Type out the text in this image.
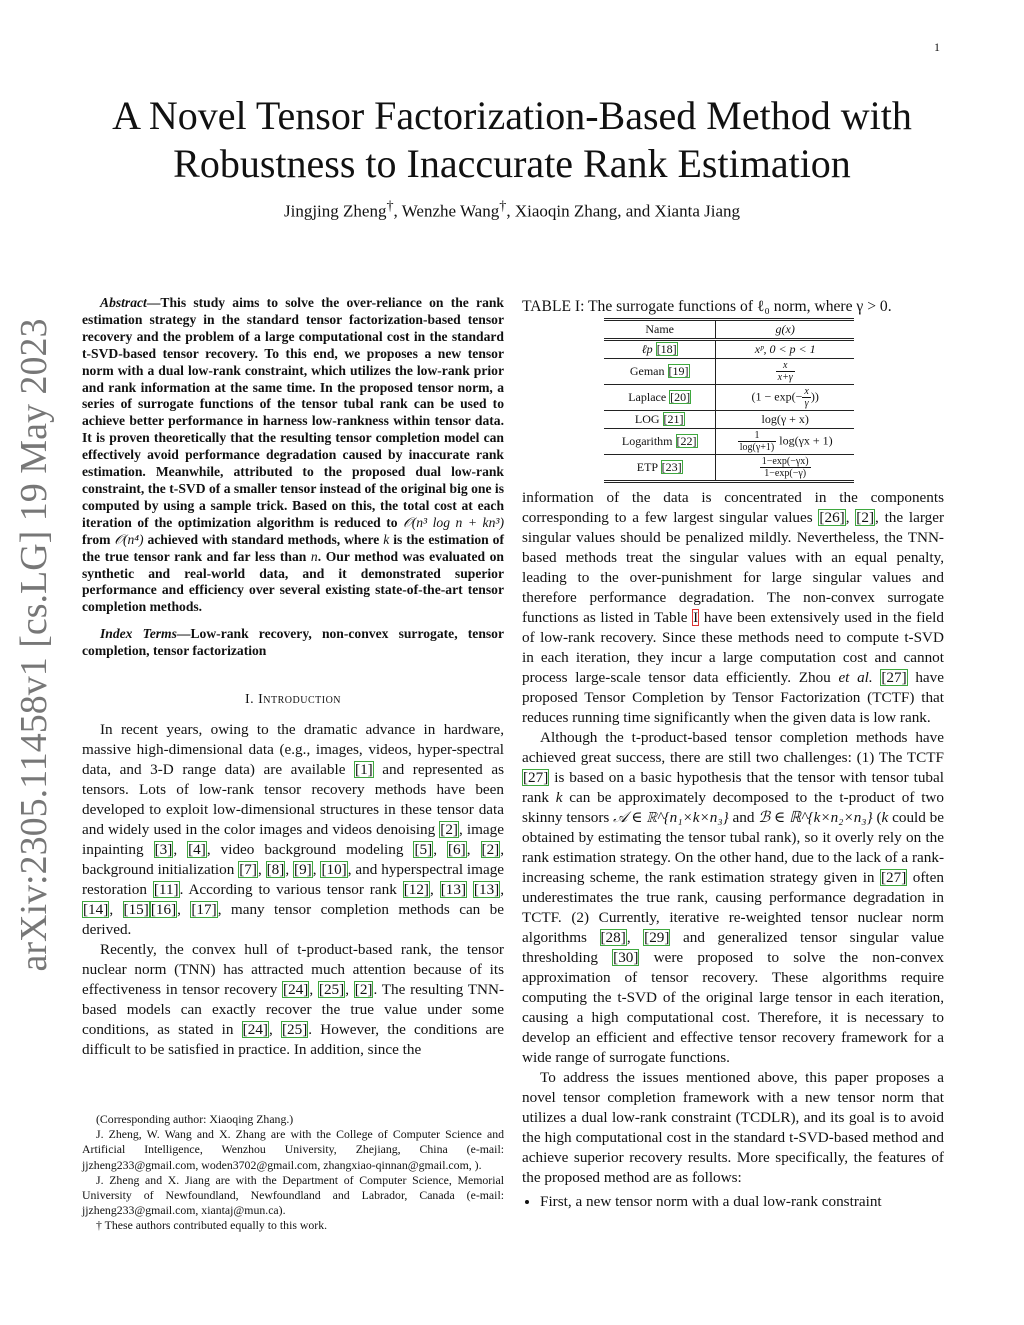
1
arXiv:2305.11458v1 [cs.LG] 19 May 2023
A Novel Tensor Factorization-Based Method with Robustness to Inaccurate Rank Estimation
Jingjing Zheng†, Wenzhe Wang†, Xiaoqin Zhang, and Xianta Jiang

Abstract—This study aims to solve the over-reliance on the rank estimation strategy in the standard tensor factorization-based tensor recovery and the problem of a large computational cost in the standard t-SVD-based tensor recovery. To this end, we proposes a new tensor norm with a dual low-rank constraint, which utilizes the low-rank prior and rank information at the same time. In the proposed tensor norm, a series of surrogate functions of the tensor tubal rank can be used to achieve better performance in harness low-rankness within tensor data. It is proven theoretically that the resulting tensor completion model can effectively avoid performance degradation caused by inaccurate rank estimation. Meanwhile, attributed to the proposed dual low-rank constraint, the t-SVD of a smaller tensor instead of the original big one is computed by using a sample trick. Based on this, the total cost at each iteration of the optimization algorithm is reduced to 𝒪(n³ log n + kn³) from 𝒪(n⁴) achieved with standard methods, where k is the estimation of the true tensor rank and far less than n. Our method was evaluated on synthetic and real-world data, and it demonstrated superior performance and efficiency over several existing state-of-the-art tensor completion methods.

Index Terms—Low-rank recovery, non-convex surrogate, tensor completion, tensor factorization

I. Introduction

In recent years, owing to the dramatic advance in hardware, massive high-dimensional data (e.g., images, videos, hyper-spectral data, and 3-D range data) are available [1] and represented as tensors. Lots of low-rank tensor recovery methods have been developed to exploit low-dimensional structures in these tensor data and widely used in the color images and videos denoising [2], image inpainting [3], [4], video background modeling [5], [6], [2], background initialization [7], [8], [9], [10], and hyperspectral image restoration [11]. According to various tensor rank [12], [13] [13], [14], [15] [16], [17], many tensor completion methods can be derived.

Recently, the convex hull of t-product-based rank, the tensor nuclear norm (TNN) has attracted much attention because of its effectiveness in tensor recovery [24], [25], [2]. The resulting TNN-based models can exactly recover the true value under some conditions, as stated in [24], [25]. However, the conditions are difficult to be satisfied in practice. In addition, since the

(Corresponding author: Xiaoqing Zhang.)

J. Zheng, W. Wang and X. Zhang are with the College of Computer Science and Artificial Intelligence, Wenzhou University, Zhejiang, China (e-mail: jjzheng233@gmail.com, woden3702@gmail.com, zhangxiao-qinnan@gmail.com, ).

J. Zheng and X. Jiang are with the Department of Computer Science, Memorial University of Newfoundland, Newfoundland and Labrador, Canada (e-mail: jjzheng233@gmail.com, xiantaj@mun.ca).

† These authors contributed equally to this work.

TABLE I: The surrogate functions of ℓ₀ norm, where γ > 0.
Name	g(x)
ℓp [18]	xᵖ, 0 < p < 1
Geman [19]	$\frac{x}{x+\gamma}$

Laplace [20]	($1 - \exp(- \frac{x}{\gamma}$ ))
LOG [21]	log(γ + x)
Logarithm [22]	$\frac{1}{\log(\gamma+1)} \log(\gamma x + 1)$
ETP [23]	$\frac{1-\exp(-\gamma x)}{1-\exp(-\gamma)}$

information of the data is concentrated in the components corresponding to a few largest singular values [26], [2], the larger singular values should be penalized mildly. Nevertheless, the TNN-based methods treat the singular values with an equal penalty, leading to the over-punishment for large singular values and therefore performance degradation. The non-convex surrogate functions as listed in Table I have been extensively used in the field of low-rank recovery. Since these methods need to compute t-SVD in each iteration, they incur a large computation cost and cannot process large-scale tensor data efficiently. Zhou et al. [27] have proposed Tensor Completion by Tensor Factorization (TCTF) that reduces running time significantly when the given data is low rank.

Although the t-product-based tensor completion methods have achieved great success, there are still two challenges: (1) The TCTF [27] is based on a basic hypothesis that the tensor with tensor tubal rank k can be approximately decomposed to the t-product of two skinny tensors 𝒜 ∈ ℝ^{n₁×k×n₃} and ℬ ∈ ℝ^{k×n₂×n₃} (k could be obtained by estimating the tensor tubal rank), so it overly rely on the rank estimation strategy. On the other hand, due to the lack of a rank-increasing scheme, the rank estimation strategy given in [27] often underestimates the true rank, causing performance degradation in TCTF. (2) Currently, iterative re-weighted tensor nuclear norm algorithms [28], [29] and generalized tensor singular value thresholding [30] were proposed to solve the non-convex approximation of tensor recovery. These algorithms require computing the t-SVD of the original large tensor in each iteration, causing a high computational cost. Therefore, it is necessary to develop an efficient and effective tensor recovery framework for a wide range of surrogate functions.

To address the issues mentioned above, this paper proposes a novel tensor completion framework with a new tensor norm that utilizes a dual low-rank constraint (TCDLR), and its goal is to avoid the high computational cost in the standard t-SVD-based method and achieve superior recovery results. More specifically, the features of the proposed method are as follows:

• First, a new tensor norm with a dual low-rank constraint
